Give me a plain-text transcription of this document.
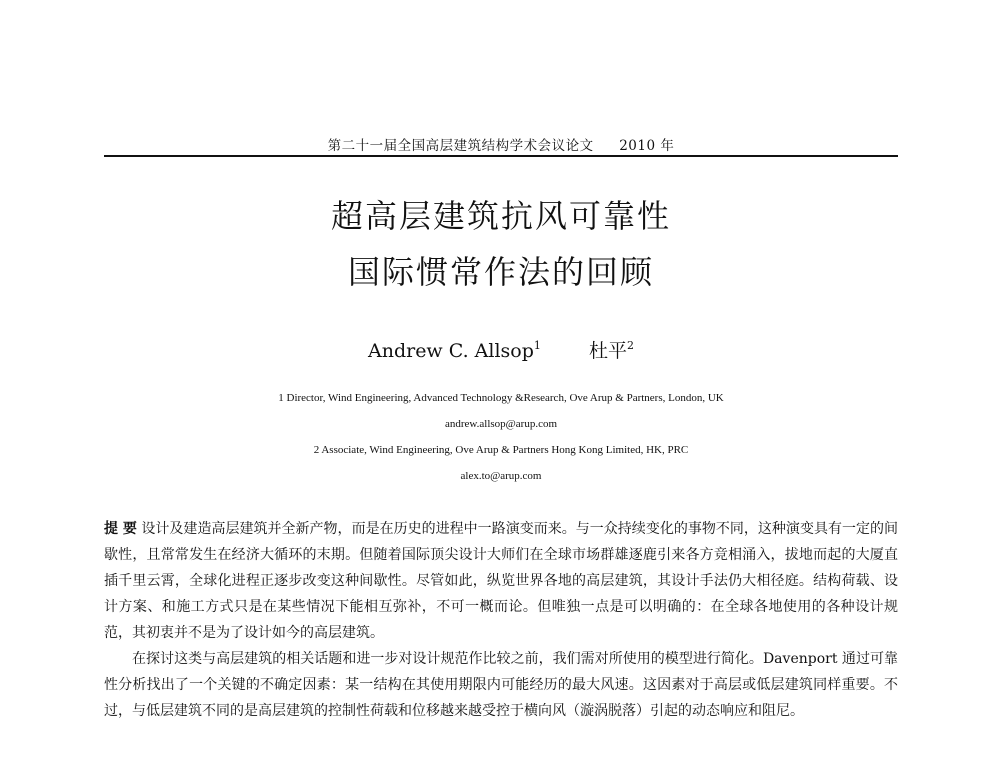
第二十一届全国高层建筑结构学术会议论文 2010 年
超高层建筑抗风可靠性
国际惯常作法的回顾
Andrew C. Allsop$^1$	杜平$^2$
1 Director, Wind Engineering, Advanced Technology &Research, Ove Arup & Partners, London, UK
andrew.allsop@arup.com
2 Associate, Wind Engineering, Ove Arup & Partners Hong Kong Limited, HK, PRC
alex.to@arup.com

提 要 设计及建造高层建筑并全新产物，而是在历史的进程中一路演变而来。与一众持续变化的事物不同，这种演变具有一定的间歇性，且常常发生在经济大循环的末期。但随着国际顶尖设计大师们在全球市场群雄逐鹿引来各方竞相涌入，拔地而起的大厦直插千里云霄，全球化进程正逐步改变这种间歇性。尽管如此，纵览世界各地的高层建筑，其设计手法仍大相径庭。结构荷载、设计方案、和施工方式只是在某些情况下能相互弥补，不可一概而论。但唯独一点是可以明确的：在全球各地使用的各种设计规范，其初衷并不是为了设计如今的高层建筑。

在探讨这类与高层建筑的相关话题和进一步对设计规范作比较之前，我们需对所使用的模型进行简化。Davenport 通过可靠性分析找出了一个关键的不确定因素：某一结构在其使用期限内可能经历的最大风速。这因素对于高层或低层建筑同样重要。不过，与低层建筑不同的是高层建筑的控制性荷载和位移越来越受控于横向风（漩涡脱落）引起的动态响应和阻尼。
